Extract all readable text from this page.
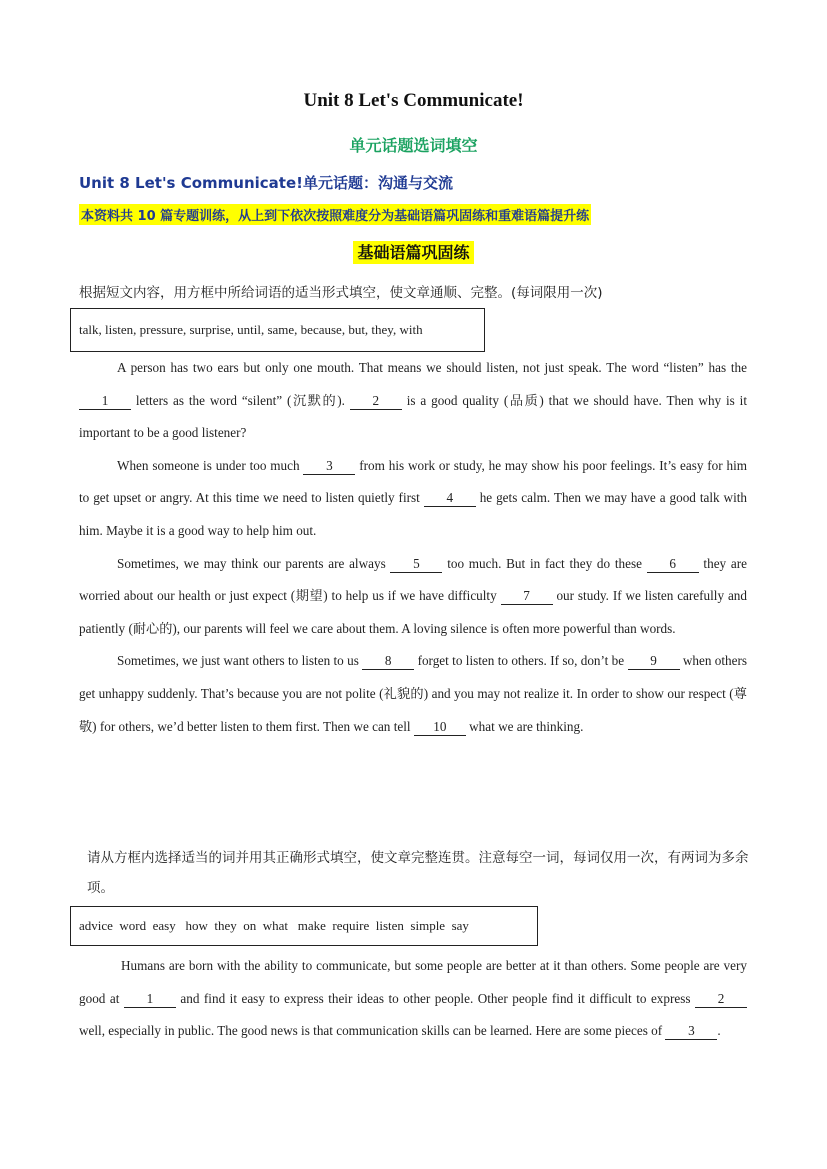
Unit 8 Let's Communicate!
单元话题选词填空
Unit 8 Let's Communicate!单元话题：沟通与交流
本资料共 10 篇专题训练，从上到下依次按照难度分为基础语篇巩固练和重难语篇提升练
基础语篇巩固练
根据短文内容，用方框中所给词语的适当形式填空，使文章通顺、完整。(每词限用一次)
talk, listen, pressure, surprise, until, same, because, but, they, with

A person has two ears but only one mouth. That means we should listen, not just speak. The word “listen” has the 1 letters as the word “silent” (沉默的). 2 is a good quality (品质) that we should have. Then why is it important to be a good listener?

When someone is under too much 3 from his work or study, he may show his poor feelings. It’s easy for him to get upset or angry. At this time we need to listen quietly first 4 he gets calm. Then we may have a good talk with him. Maybe it is a good way to help him out.

Sometimes, we may think our parents are always 5 too much. But in fact they do these 6 they are worried about our health or just expect (期望) to help us if we have difficulty 7 our study. If we listen carefully and patiently (耐心的), our parents will feel we care about them. A loving silence is often more powerful than words.

Sometimes, we just want others to listen to us 8 forget to listen to others. If so, don’t be 9 when others get unhappy suddenly. That’s because you are not polite (礼貌的) and you may not realize it. In order to show our respect (尊敬) for others, we’d better listen to them first. Then we can tell 10 what we are thinking.

请从方框内选择适当的词并用其正确形式填空，使文章完整连贯。注意每空一词，每词仅用一次，有两词为多余项。
advice  word  easy   how  they  on  what   make  require  listen  simple  say

Humans are born with the ability to communicate, but some people are better at it than others. Some people are very good at 1 and find it easy to express their ideas to other people. Other people find it difficult to express 2 well, especially in public. The good news is that communication skills can be learned. Here are some pieces of 3 .
